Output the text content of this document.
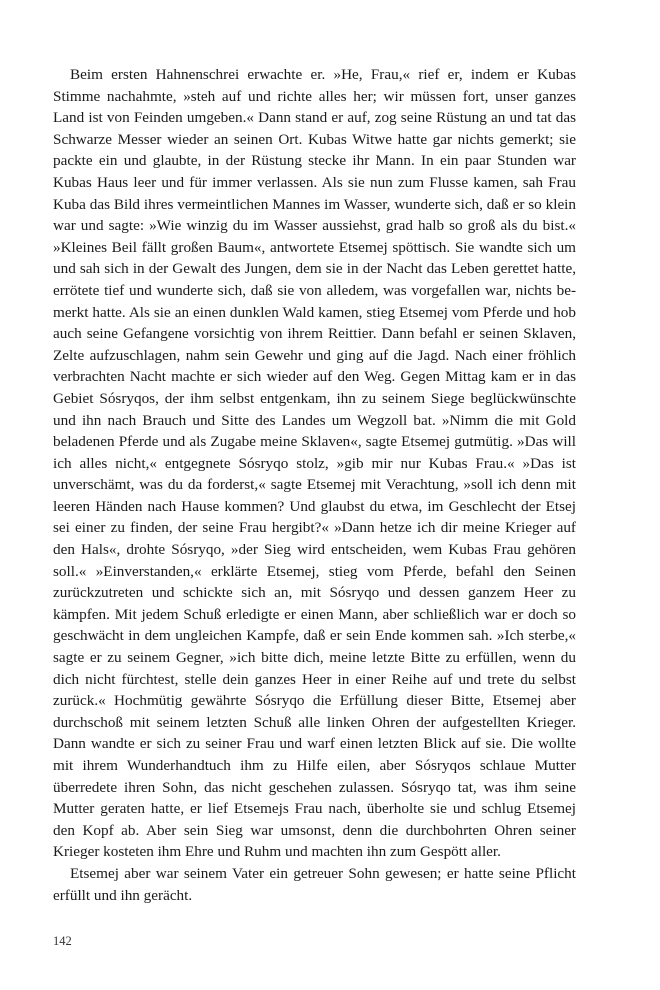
Beim ersten Hahnenschrei erwachte er. »He, Frau,« rief er, indem er Kubas Stimme nachahmte, »steh auf und richte alles her; wir müssen fort, unser ganzes Land ist von Feinden umgeben.« Dann stand er auf, zog seine Rüstung an und tat das Schwarze Messer wieder an seinen Ort. Kubas Witwe hatte gar nichts gemerkt; sie packte ein und glaubte, in der Rüstung stecke ihr Mann. In ein paar Stunden war Kubas Haus leer und für immer verlassen. Als sie nun zum Flusse kamen, sah Frau Kuba das Bild ihres vermeintlichen Mannes im Wasser, wunderte sich, daß er so klein war und sagte: »Wie winzig du im Wasser aussiehst, grad halb so groß als du bist.« »Kleines Beil fällt großen Baum«, antwortete Etsemej spöttisch. Sie wandte sich um und sah sich in der Gewalt des Jungen, dem sie in der Nacht das Leben gerettet hatte, errötete tief und wunderte sich, daß sie von alledem, was vorgefallen war, nichts bemerkt hatte. Als sie an einen dunklen Wald kamen, stieg Etsemej vom Pferde und hob auch seine Gefangene vorsichtig von ihrem Reittier. Dann befahl er seinen Sklaven, Zelte aufzuschlagen, nahm sein Gewehr und ging auf die Jagd. Nach einer fröhlich verbrachten Nacht machte er sich wieder auf den Weg. Gegen Mittag kam er in das Gebiet Sósryqos, der ihm selbst entgenkam, ihn zu seinem Siege beglückwünschte und ihn nach Brauch und Sitte des Landes um Wegzoll bat. »Nimm die mit Gold beladenen Pferde und als Zugabe meine Sklaven«, sagte Etsemej gutmütig. »Das will ich alles nicht,« entgegnete Sósryqo stolz, »gib mir nur Kubas Frau.« »Das ist unverschämt, was du da forderst,« sagte Etsemej mit Verachtung, »soll ich denn mit leeren Händen nach Hause kommen? Und glaubst du etwa, im Geschlecht der Etsej sei einer zu finden, der seine Frau hergibt?« »Dann hetze ich dir meine Krieger auf den Hals«, drohte Sósryqo, »der Sieg wird entscheiden, wem Kubas Frau gehören soll.« »Einverstanden,« erklärte Etsemej, stieg vom Pferde, befahl den Seinen zurückzutreten und schickte sich an, mit Sósryqo und dessen ganzem Heer zu kämpfen. Mit jedem Schuß erledigte er einen Mann, aber schließlich war er doch so geschwächt in dem ungleichen Kampfe, daß er sein Ende kommen sah. »Ich sterbe,« sagte er zu seinem Gegner, »ich bitte dich, meine letzte Bitte zu erfüllen, wenn du dich nicht fürchtest, stelle dein ganzes Heer in einer Reihe auf und trete du selbst zurück.« Hochmütig gewährte Sósryqo die Erfüllung dieser Bitte, Etsemej aber durchschoß mit seinem letzten Schuß alle linken Ohren der aufgestellten Krieger. Dann wandte er sich zu seiner Frau und warf einen letzten Blick auf sie. Die wollte mit ihrem Wunderhandtuch ihm zu Hilfe eilen, aber Sósryqos schlaue Mutter überredete ihren Sohn, das nicht geschehen zulassen. Sósryqo tat, was ihm seine Mutter geraten hatte, er lief Etsemejs Frau nach, überholte sie und schlug Etsemej den Kopf ab. Aber sein Sieg war umsonst, denn die durchbohrten Ohren seiner Krieger kosteten ihm Ehre und Ruhm und machten ihn zum Gespött aller.

Etsemej aber war seinem Vater ein getreuer Sohn gewesen; er hatte seine Pflicht erfüllt und ihn gerächt.

142
